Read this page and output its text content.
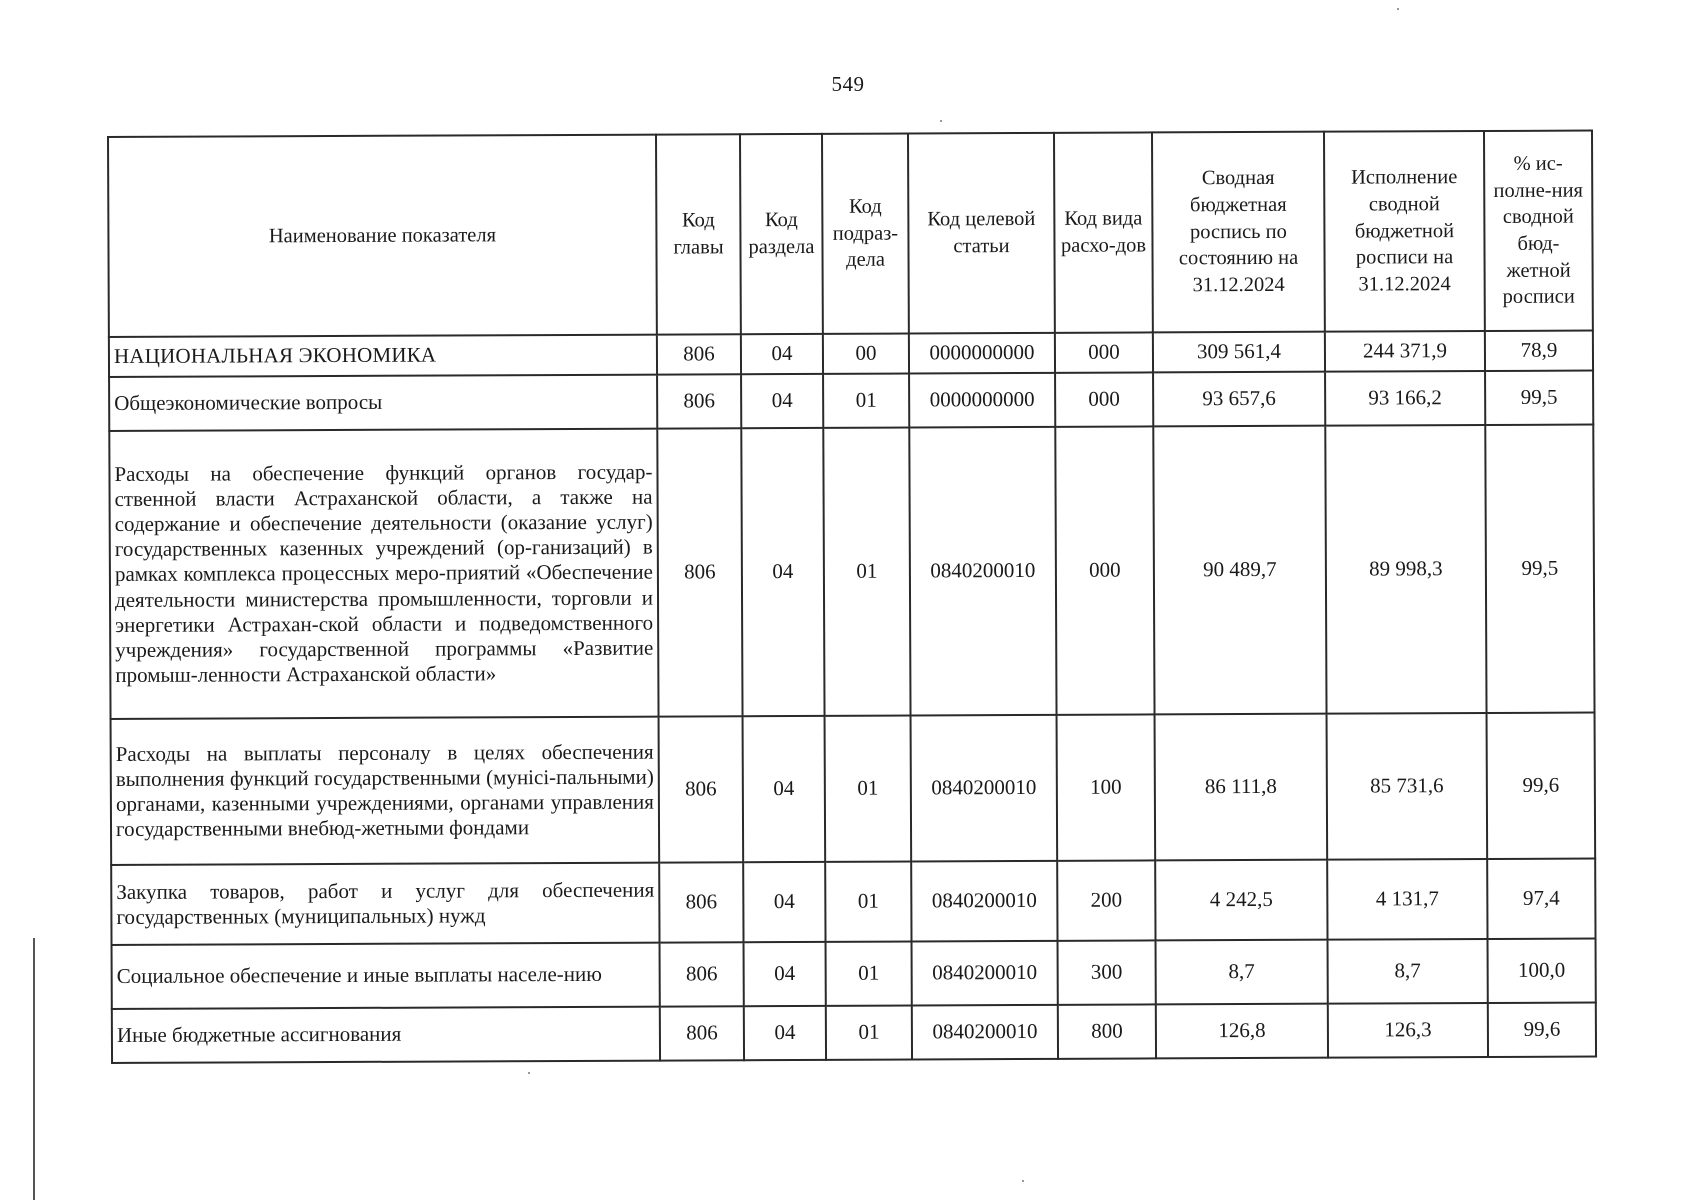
549
Наименование показателя	Код главы	Код раздела	Код подраз-дела	Код целевой статьи	Код вида расхо-дов	Сводная бюджетная роспись по состоянию на 31.12.2024	Исполнение сводной бюджетной росписи на 31.12.2024	% ис-полне-ния сводной бюд-жетной росписи
НАЦИОНАЛЬНАЯ ЭКОНОМИКА	806	04	00	0000000000	000	309 561,4	244 371,9	78,9
Общеэкономические вопросы	806	04	01	0000000000	000	93 657,6	93 166,2	99,5
Расходы на обеспечение функций органов государ-ственной власти Астраханской области, а также на содержание и обеспечение деятельности (оказание услуг) государственных казенных учреждений (ор-ганизаций) в рамках комплекса процессных меро-приятий «Обеспечение деятельности министерства промышленности, торговли и энергетики Астрахан-ской области и подведомственного учреждения» государственной программы «Развитие промыш-ленности Астраханской области»	806	04	01	0840200010	000	90 489,7	89 998,3	99,5
Расходы на выплаты персоналу в целях обеспечения выполнения функций государственными (мунici-пальными) органами, казенными учреждениями, органами управления государственными внебюд-жетными фондами	806	04	01	0840200010	100	86 111,8	85 731,6	99,6
Закупка товаров, работ и услуг для обеспечения государственных (муниципальных) нужд	806	04	01	0840200010	200	4 242,5	4 131,7	97,4
Социальное обеспечение и иные выплаты населе-нию	806	04	01	0840200010	300	8,7	8,7	100,0
Иные бюджетные ассигнования	806	04	01	0840200010	800	126,8	126,3	99,6
